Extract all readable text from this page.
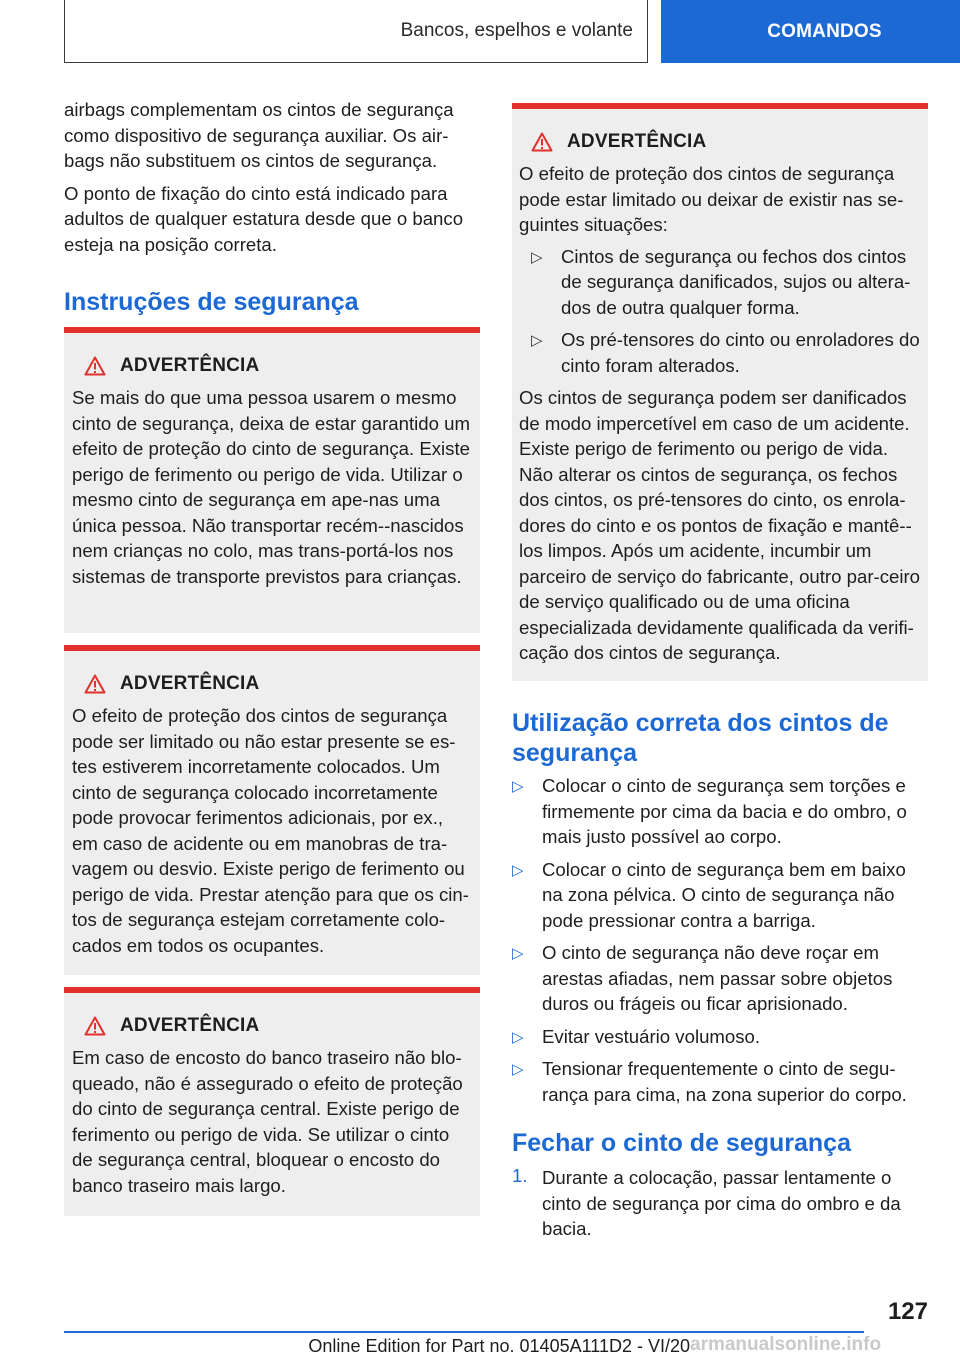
Bancos, espelhos e volante	COMANDOS

airbags complementam os cintos de segurança como dispositivo de segurança auxiliar. Os air-bags não substituem os cintos de segurança.

O ponto de fixação do cinto está indicado para adultos de qualquer estatura desde que o banco esteja na posição correta.

Instruções de segurança
ADVERTÊNCIA

Se mais do que uma pessoa usarem o mesmo cinto de segurança, deixa de estar garantido um efeito de proteção do cinto de segurança. Existe perigo de ferimento ou perigo de vida. Utilizar o mesmo cinto de segurança em ape-nas uma única pessoa. Não transportar recém--nascidos nem crianças no colo, mas trans-portá-los nos sistemas de transporte previstos para crianças.

ADVERTÊNCIA

O efeito de proteção dos cintos de segurança pode ser limitado ou não estar presente se es-tes estiverem incorretamente colocados. Um cinto de segurança colocado incorretamente pode provocar ferimentos adicionais, por ex., em caso de acidente ou em manobras de tra-vagem ou desvio. Existe perigo de ferimento ou perigo de vida. Prestar atenção para que os cin-tos de segurança estejam corretamente colo-cados em todos os ocupantes.

ADVERTÊNCIA

Em caso de encosto do banco traseiro não blo-queado, não é assegurado o efeito de proteção do cinto de segurança central. Existe perigo de ferimento ou perigo de vida. Se utilizar o cinto de segurança central, bloquear o encosto do banco traseiro mais largo.

ADVERTÊNCIA

O efeito de proteção dos cintos de segurança pode estar limitado ou deixar de existir nas se-guintes situações:

▷ Cintos de segurança ou fechos dos cintos de segurança danificados, sujos ou altera-dos de outra qualquer forma.
▷ Os pré-tensores do cinto ou enroladores do cinto foram alterados.

Os cintos de segurança podem ser danificados de modo impercetível em caso de um acidente. Existe perigo de ferimento ou perigo de vida. Não alterar os cintos de segurança, os fechos dos cintos, os pré-tensores do cinto, os enrola-dores do cinto e os pontos de fixação e mantê--los limpos. Após um acidente, incumbir um parceiro de serviço do fabricante, outro par-ceiro de serviço qualificado ou de uma oficina especializada devidamente qualificada da verifi-cação dos cintos de segurança.

Utilização correta dos cintos de segurança
▷ Colocar o cinto de segurança sem torções e firmemente por cima da bacia e do ombro, o mais justo possível ao corpo.
▷ Colocar o cinto de segurança bem em baixo na zona pélvica. O cinto de segurança não pode pressionar contra a barriga.
▷ O cinto de segurança não deve roçar em arestas afiadas, nem passar sobre objetos duros ou frágeis ou ficar aprisionado.
▷ Evitar vestuário volumoso.
▷ Tensionar frequentemente o cinto de segu-rança para cima, na zona superior do corpo.
Fechar o cinto de segurança
1. Durante a colocação, passar lentamente o cinto de segurança por cima do ombro e da bacia.

127
Online Edition for Part no. 01405A111D2 - VI/20 armanualsonline.info
